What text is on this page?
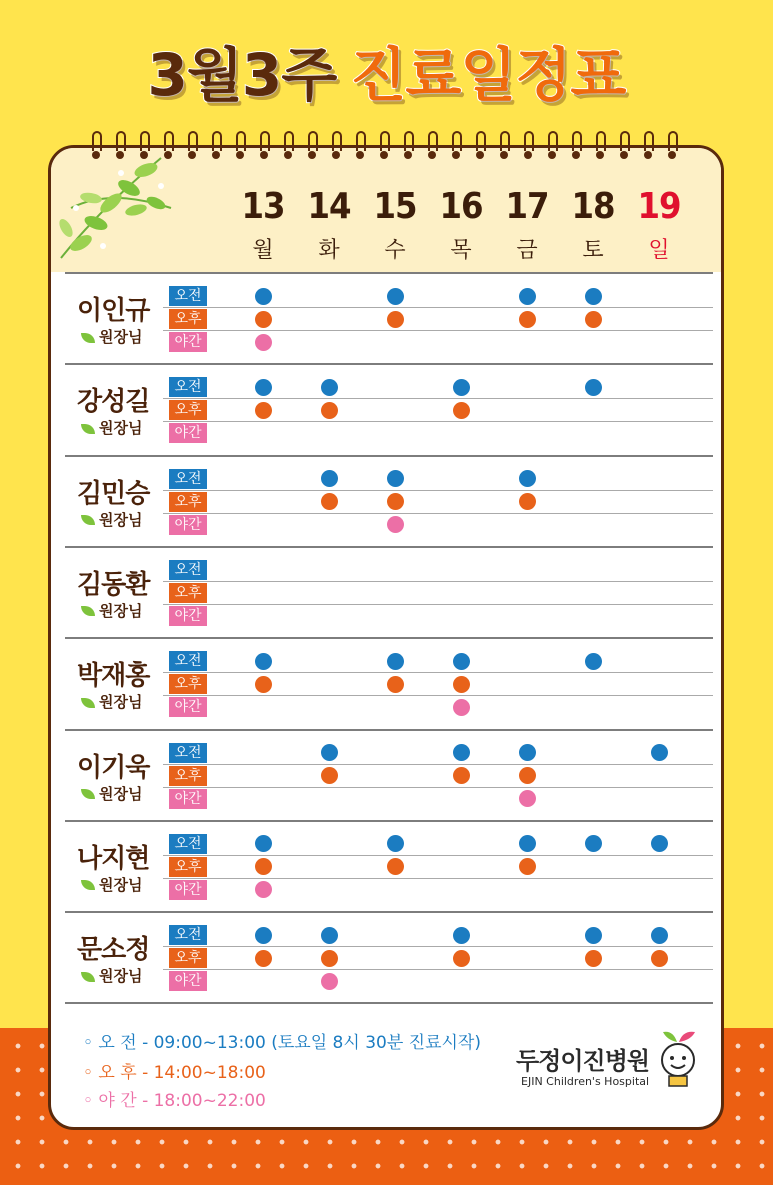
3월3주 진료일정표
13
월
14
화
15
수
16
목
17
금
18
토
19
일
이인규
원장님
오전
오후
야간
강성길
원장님
오전
오후
야간
김민승
원장님
오전
오후
야간
김동환
원장님
오전
오후
야간
박재홍
원장님
오전
오후
야간
이기욱
원장님
오전
오후
야간
나지현
원장님
오전
오후
야간
문소정
원장님
오전
오후
야간
◦ 오 전 - 09:00~13:00 (토요일 8시 30분 진료시작)
◦ 오 후 - 14:00~18:00
◦ 야 간 - 18:00~22:00
두정이진병원
EJIN Children's Hospital
